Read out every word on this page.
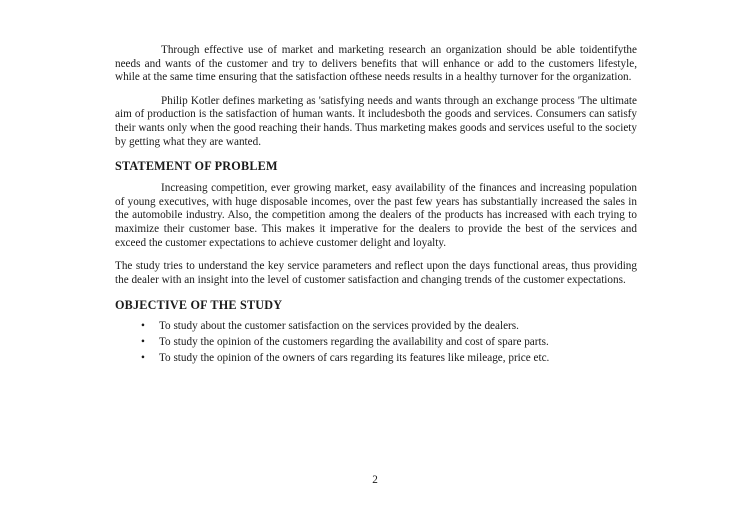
Through effective use of market and marketing research an organization should be able toidentifythe needs and wants of the customer and try to delivers benefits that will enhance or add to the customers lifestyle, while at the same time ensuring that the satisfaction ofthese needs results in a healthy turnover for the organization.

Philip Kotler defines marketing as 'satisfying needs and wants through an exchange process 'The ultimate aim of production is the satisfaction of human wants. It includesboth the goods and services. Consumers can satisfy their wants only when the good reaching their hands. Thus marketing makes goods and services useful to the society by getting what they are wanted.

STATEMENT OF PROBLEM

Increasing competition, ever growing market, easy availability of the finances and increasing population of young executives, with huge disposable incomes, over the past few years has substantially increased the sales in the automobile industry. Also, the competition among the dealers of the products has increased with each trying to maximize their customer base. This makes it imperative for the dealers to provide the best of the services and exceed the customer expectations to achieve customer delight and loyalty.

The study tries to understand the key service parameters and reflect upon the days functional areas, thus providing the dealer with an insight into the level of customer satisfaction and changing trends of the customer expectations.

OBJECTIVE OF THE STUDY
• To study about the customer satisfaction on the services provided by the dealers.
• To study the opinion of the customers regarding the availability and cost of spare parts.
• To study the opinion of the owners of cars regarding its features like mileage, price etc.
2
